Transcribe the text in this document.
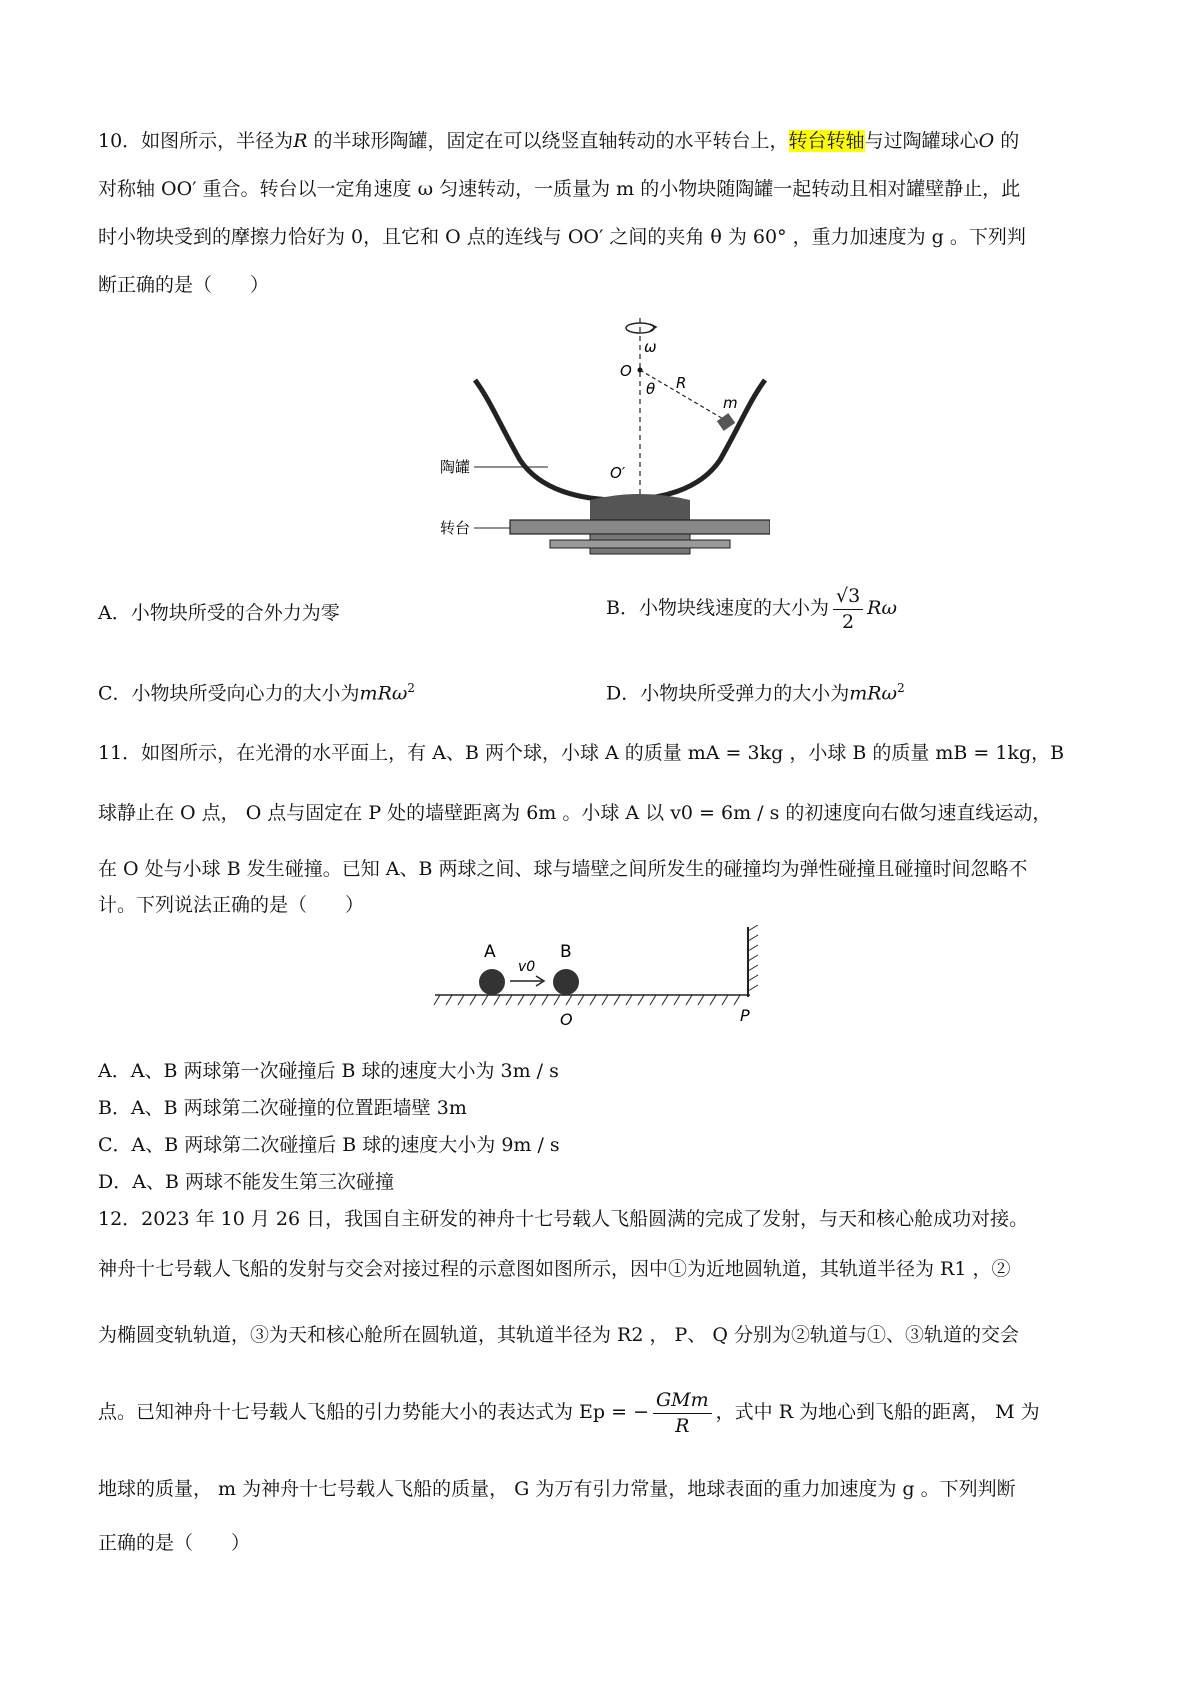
10．如图所示，半径为R 的半球形陶罐，固定在可以绕竖直轴转动的水平转台上，转台转轴与过陶罐球心O 的
对称轴 OO′ 重合。转台以一定角速度 ω 匀速转动，一质量为 m 的小物块随陶罐一起转动且相对罐壁静止，此
时小物块受到的摩擦力恰好为 0，且它和 O 点的连线与 OO′ 之间的夹角 θ 为 60° ，重力加速度为 g 。下列判
断正确的是（　　）
ω
O
R
θ
m
O′
陶罐
转台
A．小物块所受的合外力为零	B．小物块线速度的大小为 $\frac{√3}{2}$ Rω
C．小物块所受向心力的大小为mRω$^2$	D．小物块所受弹力的大小为mRω$^2$
11．如图所示，在光滑的水平面上，有 A、B 两个球，小球 A 的质量 mA = 3kg ，小球 B 的质量 mB = 1kg，B
球静止在 O 点， O 点与固定在 P 处的墙壁距离为 6m 。小球 A 以 v0 = 6m / s 的初速度向右做匀速直线运动，
在 O 处与小球 B 发生碰撞。已知 A、B 两球之间、球与墙壁之间所发生的碰撞均为弹性碰撞且碰撞时间忽略不
计。下列说法正确的是（　　）
A	B
v0
O	P
A．A、B 两球第一次碰撞后 B 球的速度大小为 3m / s
B．A、B 两球第二次碰撞的位置距墙壁 3m
C．A、B 两球第二次碰撞后 B 球的速度大小为 9m / s
D．A、B 两球不能发生第三次碰撞
12．2023 年 10 月 26 日，我国自主研发的神舟十七号载人飞船圆满的完成了发射，与天和核心舱成功对接。
神舟十七号载人飞船的发射与交会对接过程的示意图如图所示，因中①为近地圆轨道，其轨道半径为 R1 ，②
为椭圆变轨轨道，③为天和核心舱所在圆轨道，其轨道半径为 R2 ， P、 Q 分别为②轨道与①、③轨道的交会
点。已知神舟十七号载人飞船的引力势能大小的表达式为 Ep = − $\frac{\text{GMm}}{R}$ ，式中 R 为地心到飞船的距离， M 为
地球的质量， m 为神舟十七号载人飞船的质量， G 为万有引力常量，地球表面的重力加速度为 g 。下列判断
正确的是（　　）
